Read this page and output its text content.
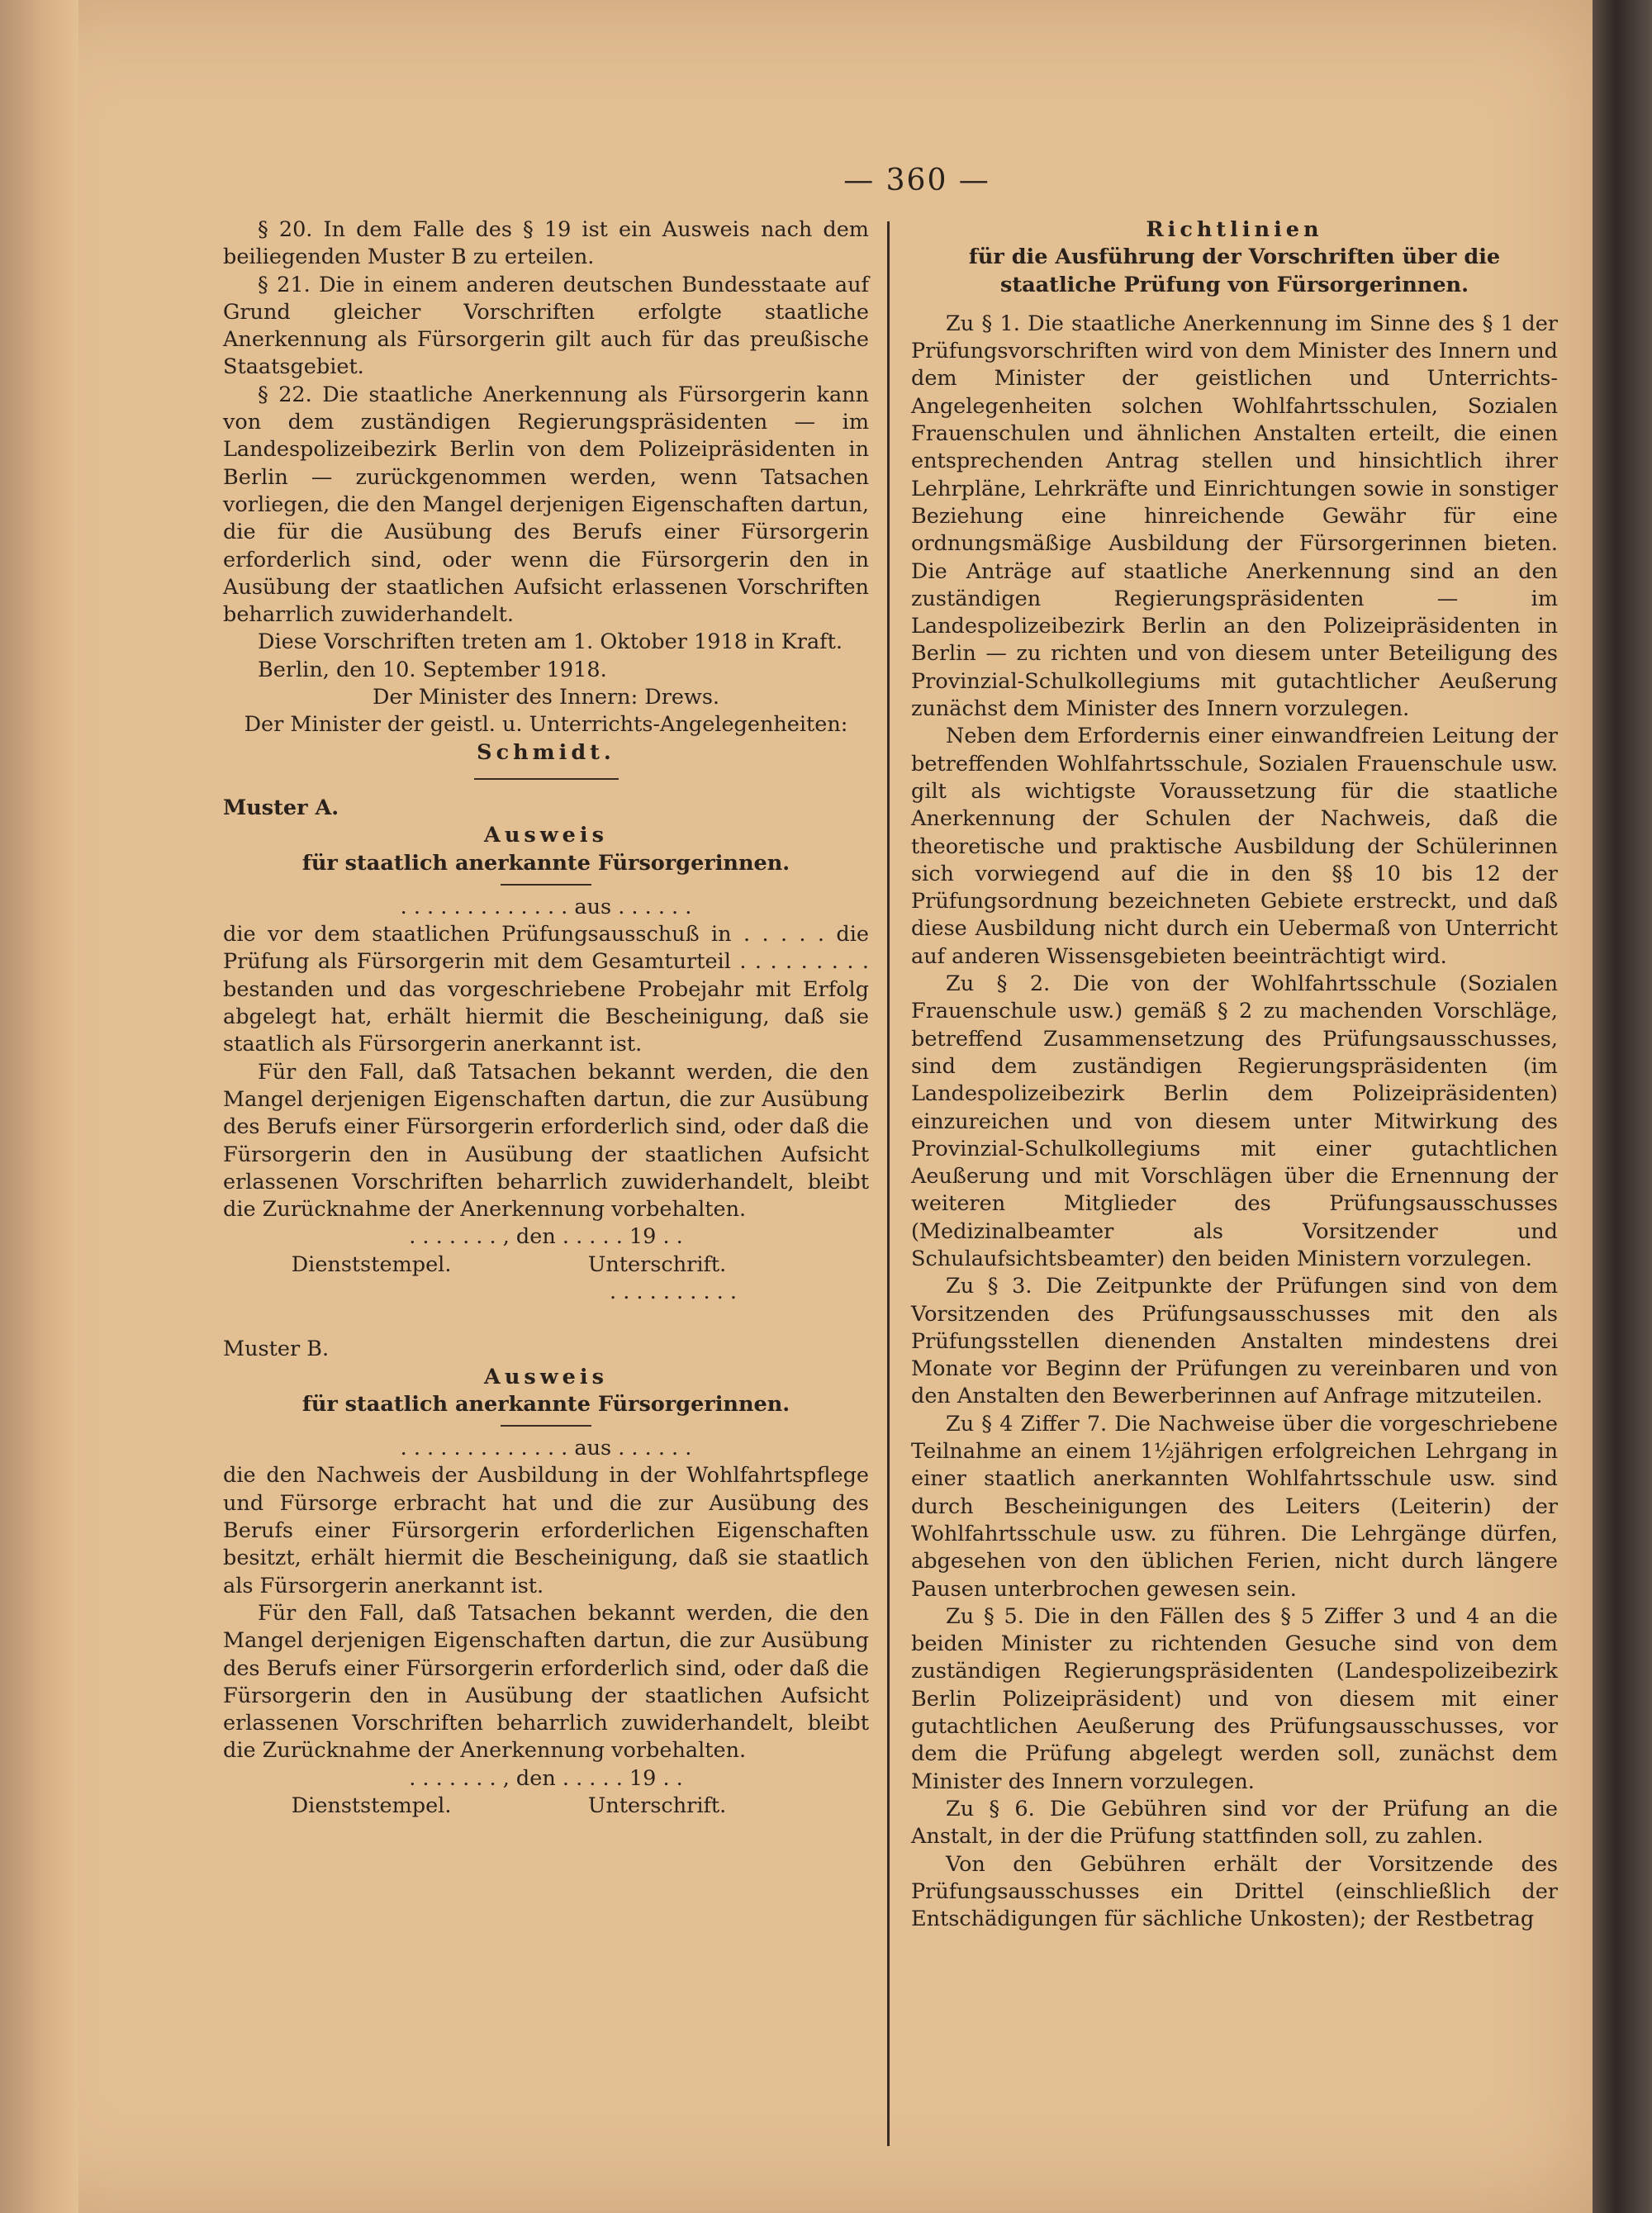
— 360 —

§ 20. In dem Falle des § 19 ist ein Ausweis nach dem beiliegenden Muster B zu erteilen.

§ 21. Die in einem anderen deutschen Bundesstaate auf Grund gleicher Vorschriften erfolgte staatliche Anerkennung als Fürsorgerin gilt auch für das preußische Staatsgebiet.

§ 22. Die staatliche Anerkennung als Fürsorgerin kann von dem zuständigen Regierungspräsidenten — im Landespolizeibezirk Berlin von dem Polizeipräsidenten in Berlin — zurückgenommen werden, wenn Tatsachen vorliegen, die den Mangel derjenigen Eigenschaften dartun, die für die Ausübung des Berufs einer Fürsorgerin erforderlich sind, oder wenn die Fürsorgerin den in Ausübung der staatlichen Aufsicht erlassenen Vorschriften beharrlich zuwiderhandelt.

Diese Vorschriften treten am 1. Oktober 1918 in Kraft.

Berlin, den 10. September 1918.

Der Minister des Innern: Drews.

Der Minister der geistl. u. Unterrichts-Angelegenheiten:

Schmidt.

Muster A.

Ausweis

für staatlich anerkannte Fürsorgerinnen.

. . . . . . . . . . . . . aus . . . . . .

die vor dem staatlichen Prüfungsausschuß in . . . . . die Prüfung als Fürsorgerin mit dem Gesamturteil . . . . . . . . . bestanden und das vorgeschriebene Probejahr mit Erfolg abgelegt hat, erhält hiermit die Bescheinigung, daß sie staatlich als Fürsorgerin anerkannt ist.

Für den Fall, daß Tatsachen bekannt werden, die den Mangel derjenigen Eigenschaften dartun, die zur Ausübung des Berufs einer Fürsorgerin erforderlich sind, oder daß die Fürsorgerin den in Ausübung der staatlichen Aufsicht erlassenen Vorschriften beharrlich zuwiderhandelt, bleibt die Zurücknahme der Anerkennung vorbehalten.

. . . . . . . , den . . . . . 19 . .

Dienststempel.	Unterschrift.

. . . . . . . . . .

Muster B.

Ausweis

für staatlich anerkannte Fürsorgerinnen.

. . . . . . . . . . . . . aus . . . . . .

die den Nachweis der Ausbildung in der Wohlfahrtspflege und Fürsorge erbracht hat und die zur Ausübung des Berufs einer Fürsorgerin erforderlichen Eigenschaften besitzt, erhält hiermit die Bescheinigung, daß sie staatlich als Fürsorgerin anerkannt ist.

Für den Fall, daß Tatsachen bekannt werden, die den Mangel derjenigen Eigenschaften dartun, die zur Ausübung des Berufs einer Fürsorgerin erforderlich sind, oder daß die Fürsorgerin den in Ausübung der staatlichen Aufsicht erlassenen Vorschriften beharrlich zuwiderhandelt, bleibt die Zurücknahme der Anerkennung vorbehalten.

. . . . . . . , den . . . . . 19 . .

Dienststempel.	Unterschrift.

Richtlinien

für die Ausführung der Vorschriften über die staatliche Prüfung von Fürsorgerinnen.

Zu § 1. Die staatliche Anerkennung im Sinne des § 1 der Prüfungsvorschriften wird von dem Minister des Innern und dem Minister der geistlichen und Unterrichts-Angelegenheiten solchen Wohlfahrtsschulen, Sozialen Frauenschulen und ähnlichen Anstalten erteilt, die einen entsprechenden Antrag stellen und hinsichtlich ihrer Lehrpläne, Lehrkräfte und Einrichtungen sowie in sonstiger Beziehung eine hinreichende Gewähr für eine ordnungsmäßige Ausbildung der Fürsorgerinnen bieten. Die Anträge auf staatliche Anerkennung sind an den zuständigen Regierungspräsidenten — im Landespolizeibezirk Berlin an den Polizeipräsidenten in Berlin — zu richten und von diesem unter Beteiligung des Provinzial-Schulkollegiums mit gutachtlicher Aeußerung zunächst dem Minister des Innern vorzulegen.

Neben dem Erfordernis einer einwandfreien Leitung der betreffenden Wohlfahrtsschule, Sozialen Frauenschule usw. gilt als wichtigste Voraussetzung für die staatliche Anerkennung der Schulen der Nachweis, daß die theoretische und praktische Ausbildung der Schülerinnen sich vorwiegend auf die in den §§ 10 bis 12 der Prüfungsordnung bezeichneten Gebiete erstreckt, und daß diese Ausbildung nicht durch ein Uebermaß von Unterricht auf anderen Wissensgebieten beeinträchtigt wird.

Zu § 2. Die von der Wohlfahrtsschule (Sozialen Frauenschule usw.) gemäß § 2 zu machenden Vorschläge, betreffend Zusammensetzung des Prüfungsausschusses, sind dem zuständigen Regierungspräsidenten (im Landespolizeibezirk Berlin dem Polizeipräsidenten) einzureichen und von diesem unter Mitwirkung des Provinzial-Schulkollegiums mit einer gutachtlichen Aeußerung und mit Vorschlägen über die Ernennung der weiteren Mitglieder des Prüfungsausschusses (Medizinalbeamter als Vorsitzender und Schulaufsichtsbeamter) den beiden Ministern vorzulegen.

Zu § 3. Die Zeitpunkte der Prüfungen sind von dem Vorsitzenden des Prüfungsausschusses mit den als Prüfungsstellen dienenden Anstalten mindestens drei Monate vor Beginn der Prüfungen zu vereinbaren und von den Anstalten den Bewerberinnen auf Anfrage mitzuteilen.

Zu § 4 Ziffer 7. Die Nachweise über die vorgeschriebene Teilnahme an einem 1½jährigen erfolgreichen Lehrgang in einer staatlich anerkannten Wohlfahrtsschule usw. sind durch Bescheinigungen des Leiters (Leiterin) der Wohlfahrtsschule usw. zu führen. Die Lehrgänge dürfen, abgesehen von den üblichen Ferien, nicht durch längere Pausen unterbrochen gewesen sein.

Zu § 5. Die in den Fällen des § 5 Ziffer 3 und 4 an die beiden Minister zu richtenden Gesuche sind von dem zuständigen Regierungspräsidenten (Landespolizeibezirk Berlin Polizeipräsident) und von diesem mit einer gutachtlichen Aeußerung des Prüfungsausschusses, vor dem die Prüfung abgelegt werden soll, zunächst dem Minister des Innern vorzulegen.

Zu § 6. Die Gebühren sind vor der Prüfung an die Anstalt, in der die Prüfung stattfinden soll, zu zahlen.

Von den Gebühren erhält der Vorsitzende des Prüfungsausschusses ein Drittel (einschließlich der Entschädigungen für sächliche Unkosten); der Restbetrag
